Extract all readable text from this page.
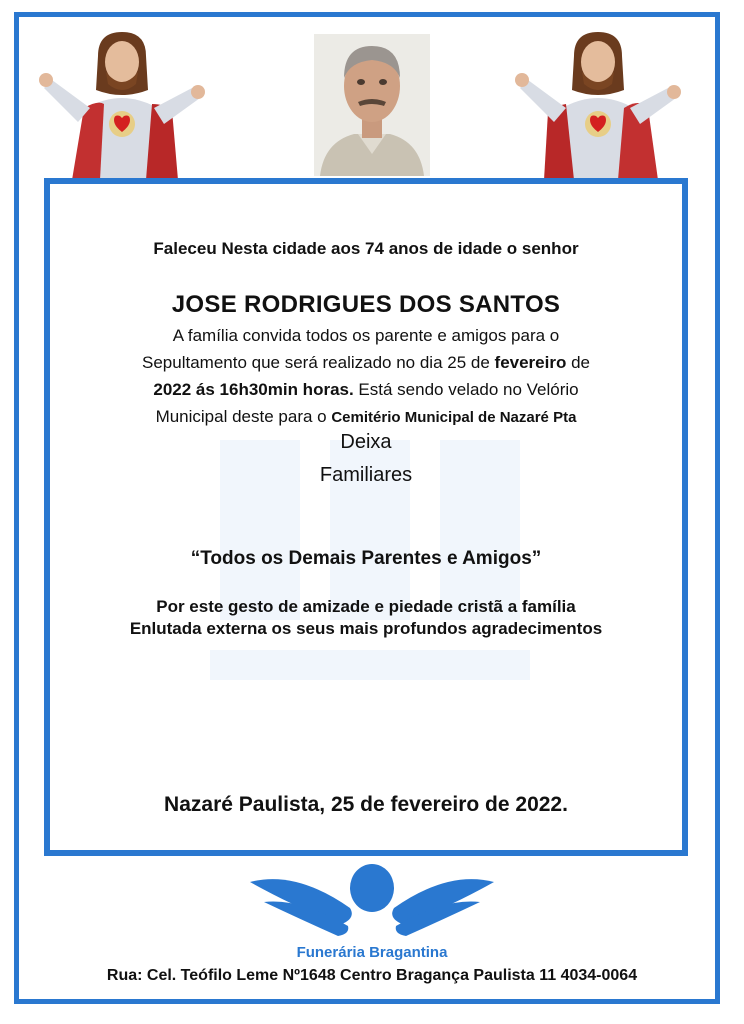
Faleceu Nesta cidade aos 74 anos de idade o senhor
JOSE RODRIGUES DOS SANTOS
A família convida todos os parente e amigos para o
Sepultamento que será realizado no dia 25 de fevereiro de
2022 ás 16h30min horas. Está sendo velado no Velório
Municipal deste para o Cemitério Municipal de Nazaré Pta
Deixa
Familiares
“Todos os Demais Parentes e Amigos”
Por este gesto de amizade e piedade cristã a família
Enlutada externa os seus mais profundos agradecimentos
Nazaré Paulista, 25 de fevereiro de 2022.
Funerária Bragantina
Rua: Cel. Teófilo Leme Nº1648 Centro Bragança Paulista 11 4034-0064
